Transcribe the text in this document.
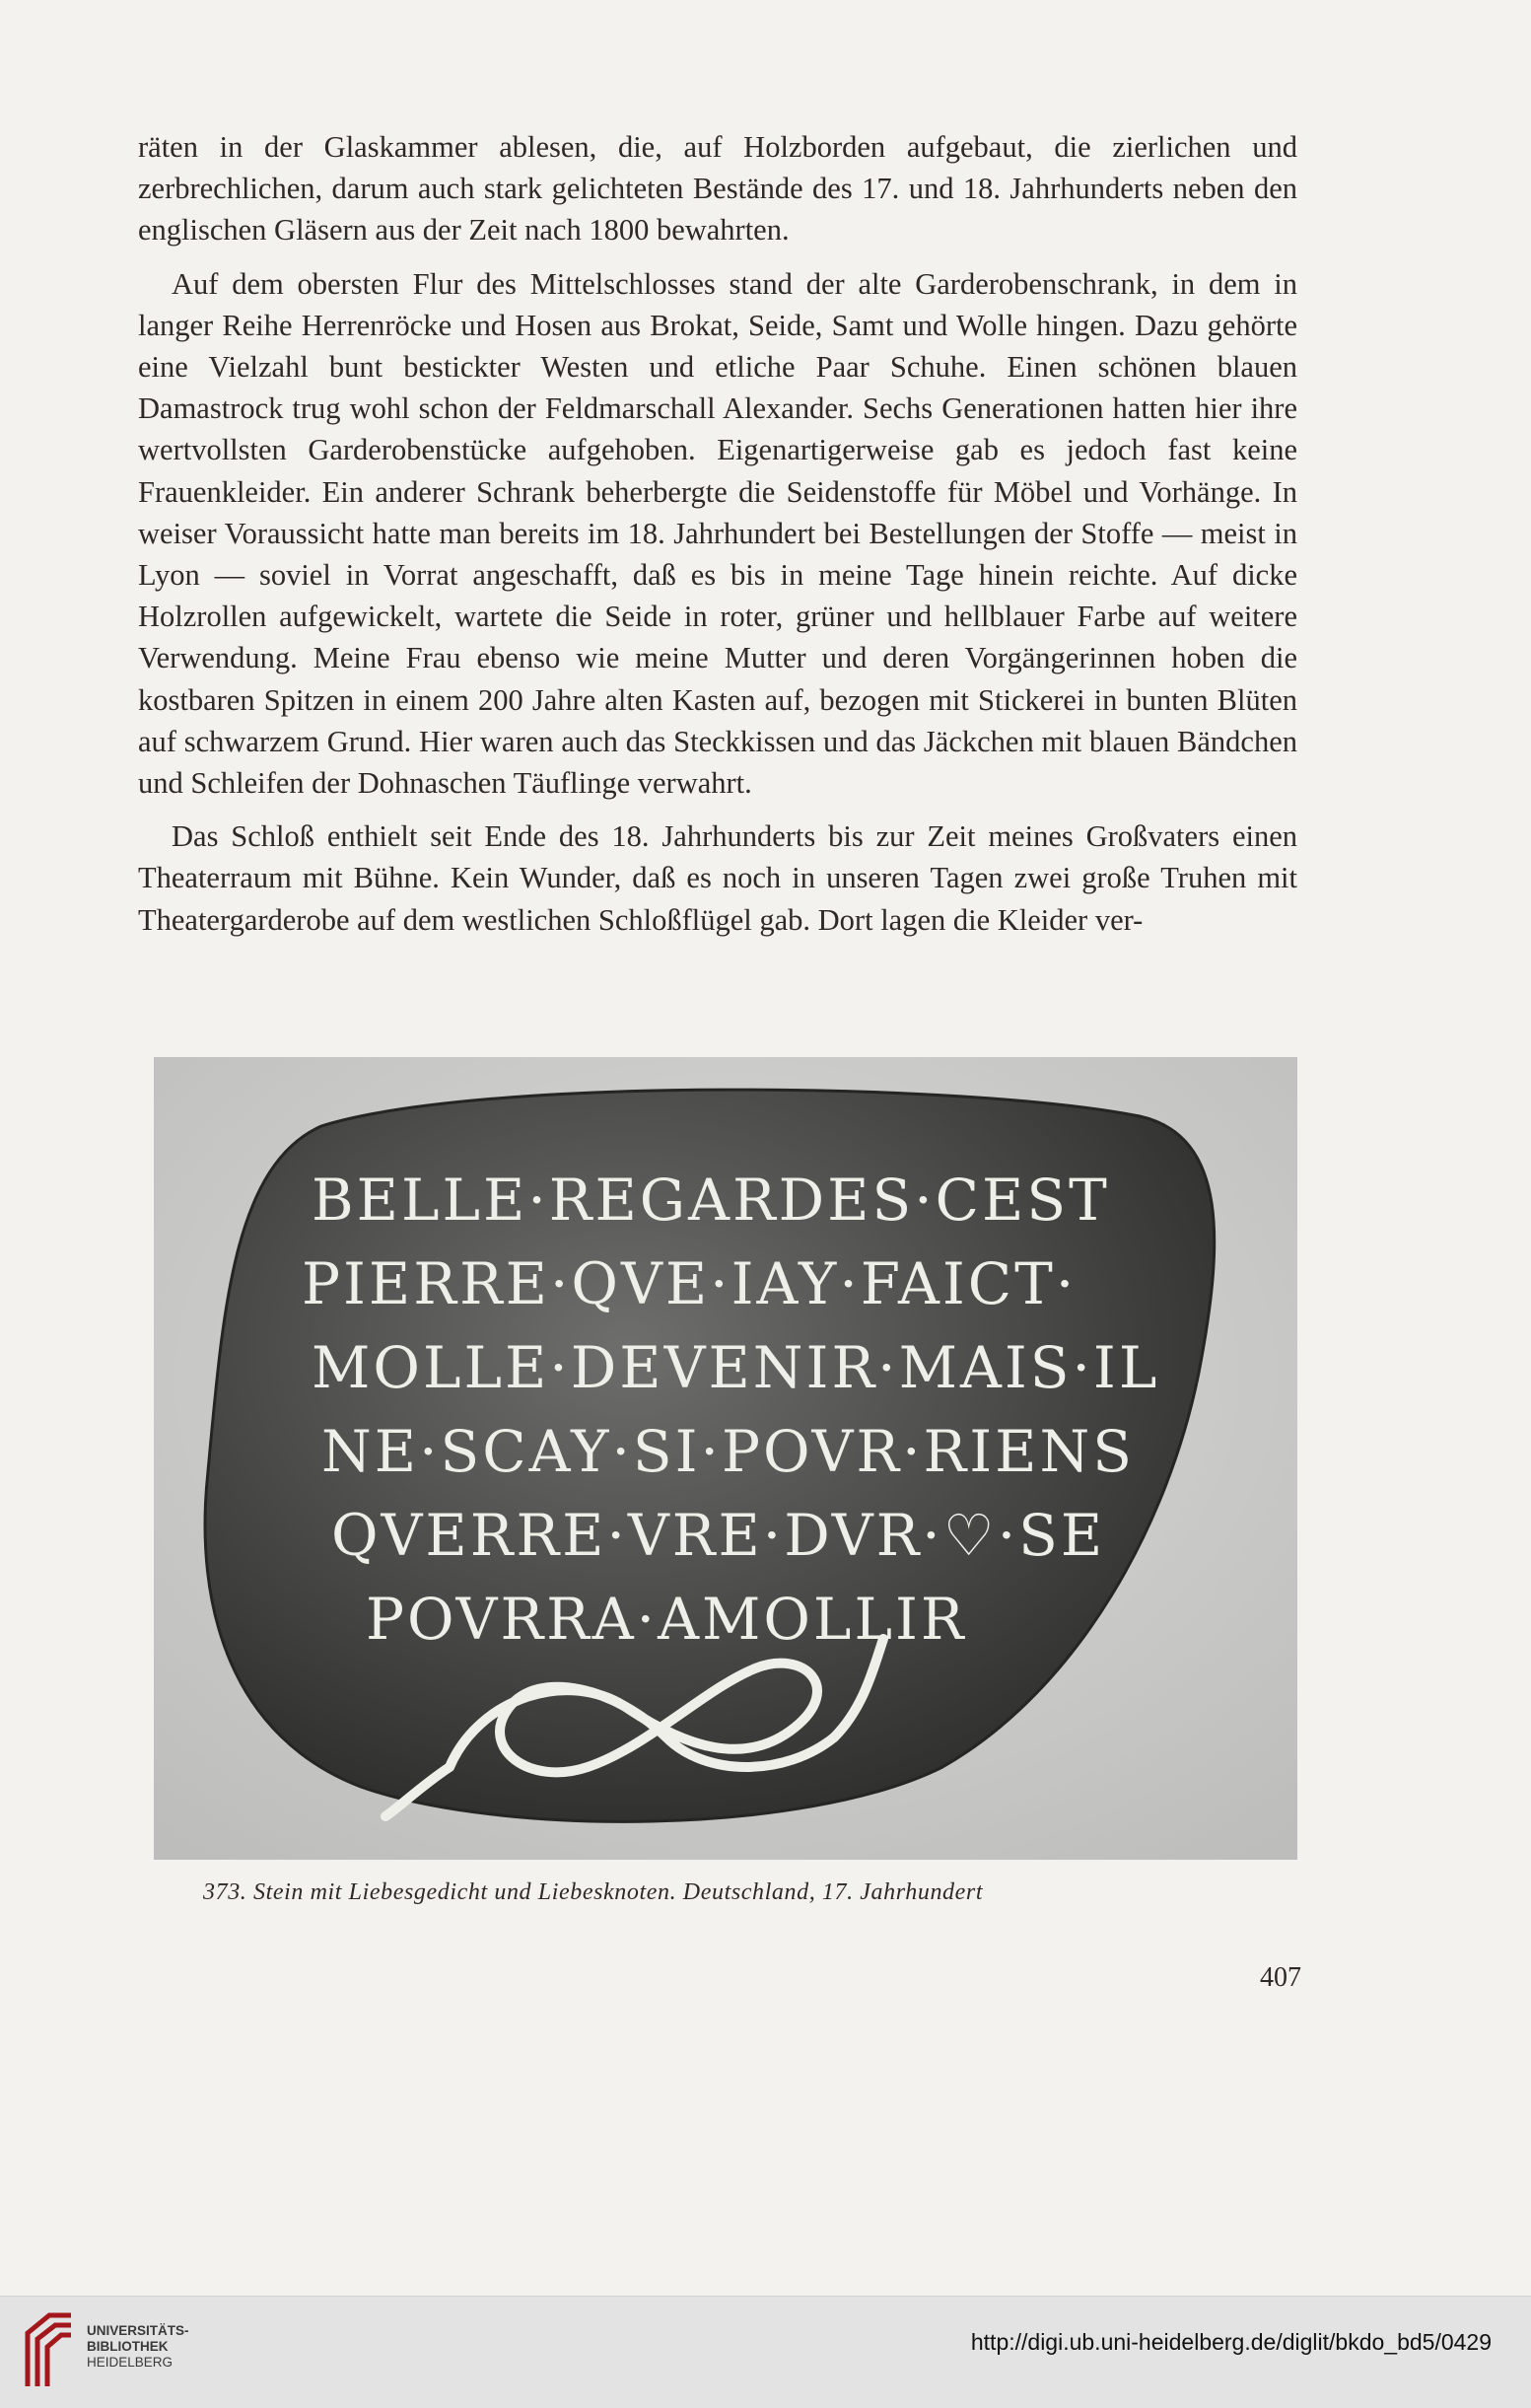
räten in der Glaskammer ablesen, die, auf Holzborden aufgebaut, die zierlichen und zerbrechlichen, darum auch stark gelichteten Bestände des 17. und 18. Jahrhunderts neben den englischen Gläsern aus der Zeit nach 1800 bewahrten.

Auf dem obersten Flur des Mittelschlosses stand der alte Garderobenschrank, in dem in langer Reihe Herrenröcke und Hosen aus Brokat, Seide, Samt und Wolle hingen. Dazu gehörte eine Vielzahl bunt bestickter Westen und etliche Paar Schuhe. Einen schönen blauen Damastrock trug wohl schon der Feldmarschall Alexander. Sechs Generationen hatten hier ihre wertvollsten Garderobenstücke aufgehoben. Eigenartigerweise gab es jedoch fast keine Frauenkleider. Ein anderer Schrank beherbergte die Seidenstoffe für Möbel und Vorhänge. In weiser Voraussicht hatte man bereits im 18. Jahrhundert bei Bestellungen der Stoffe — meist in Lyon — soviel in Vorrat angeschafft, daß es bis in meine Tage hinein reichte. Auf dicke Holzrollen aufgewickelt, wartete die Seide in roter, grüner und hellblauer Farbe auf weitere Verwendung. Meine Frau ebenso wie meine Mutter und deren Vorgängerinnen hoben die kostbaren Spitzen in einem 200 Jahre alten Kasten auf, bezogen mit Stickerei in bunten Blüten auf schwarzem Grund. Hier waren auch das Steckkissen und das Jäckchen mit blauen Bändchen und Schleifen der Dohnaschen Täuflinge verwahrt.

Das Schloß enthielt seit Ende des 18. Jahrhunderts bis zur Zeit meines Großvaters einen Theaterraum mit Bühne. Kein Wunder, daß es noch in unseren Tagen zwei große Truhen mit Theatergarderobe auf dem westlichen Schloßflügel gab. Dort lagen die Kleider ver-

BELLE·REGARDES·CEST
PIERRE·QVE·IAY·FAICT·
MOLLE·DEVENIR·MAIS·IL
NE·SCAY·SI·POVR·RIENS
QVERRE·VRE·DVR·♡·SE
POVRRA·AMOLLIR
373. Stein mit Liebesgedicht und Liebesknoten. Deutschland, 17. Jahrhundert
407
UNIVERSITÄTS-
BIBLIOTHEK
HEIDELBERG
http://digi.ub.uni-heidelberg.de/diglit/bkdo_bd5/0429
